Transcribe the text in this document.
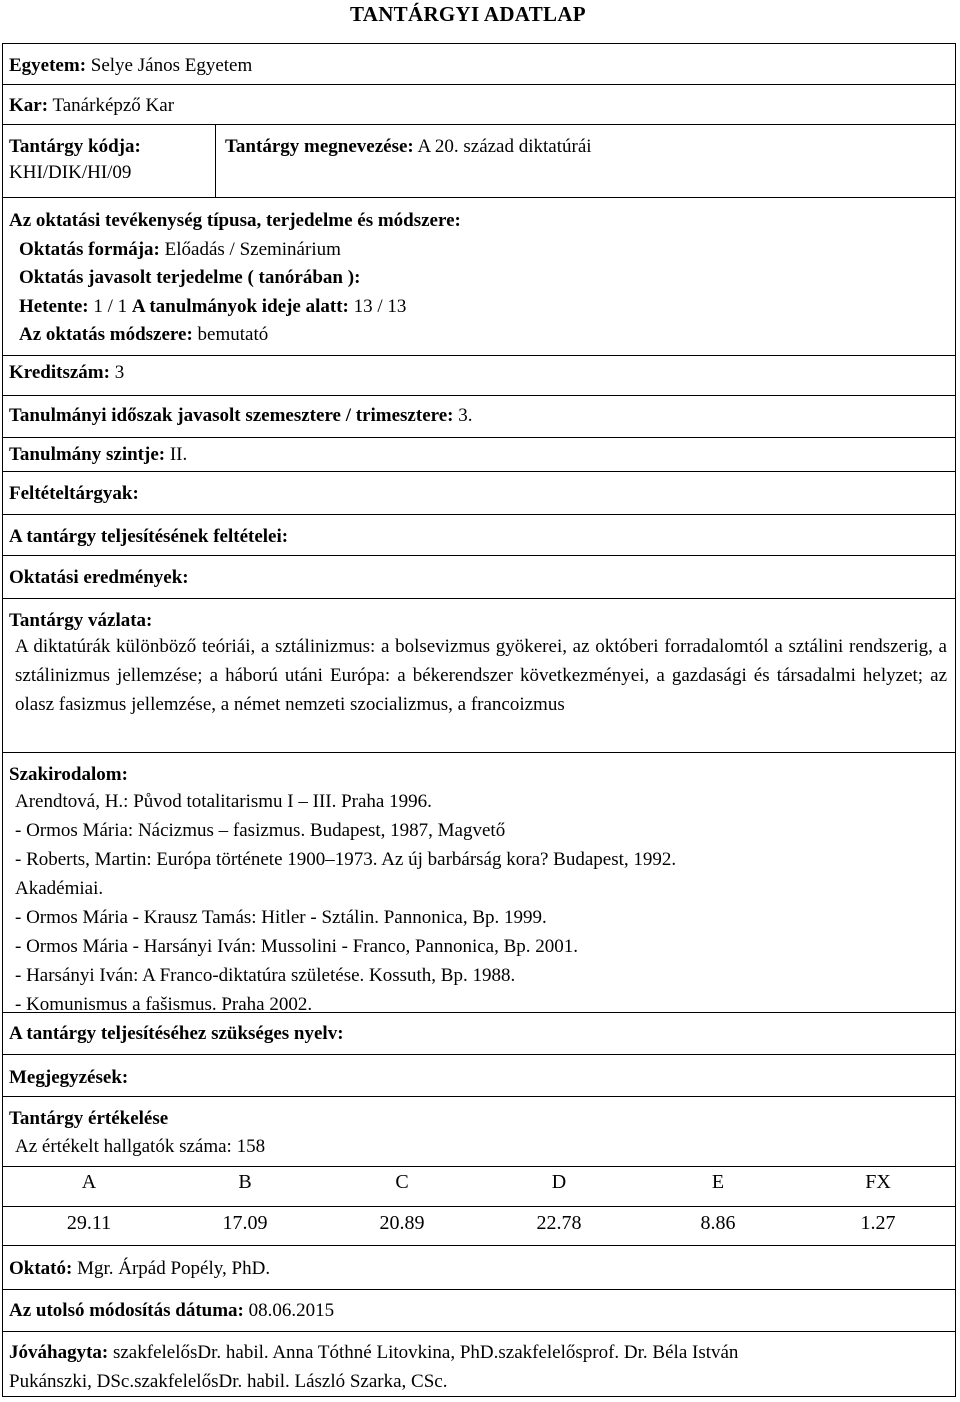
TANTÁRGYI ADATLAP
Egyetem: Selye János Egyetem
Kar: Tanárképző Kar
Tantárgy kódja:
KHI/DIK/HI/09
Tantárgy megnevezése: A 20. század diktatúrái
Az oktatási tevékenység típusa, terjedelme és módszere:
Oktatás formája: Előadás / Szeminárium
Oktatás javasolt terjedelme ( tanórában ):
Hetente: 1 / 1 A tanulmányok ideje alatt: 13 / 13
Az oktatás módszere: bemutató
Kreditszám: 3
Tanulmányi időszak javasolt szemesztere / trimesztere: 3.
Tanulmány szintje: II.
Feltételtárgyak:
A tantárgy teljesítésének feltételei:
Oktatási eredmények:
Tantárgy vázlata:
A diktatúrák különböző teóriái, a sztálinizmus: a bolsevizmus gyökerei, az októberi forradalomtól a sztálini rendszerig, a sztálinizmus jellemzése; a háború utáni Európa: a békerendszer következményei, a gazdasági és társadalmi helyzet; az olasz fasizmus jellemzése, a német nemzeti szocializmus, a francoizmus
Szakirodalom:
Arendtová, H.: Původ totalitarismu I – III. Praha 1996.
- Ormos Mária: Nácizmus – fasizmus. Budapest, 1987, Magvető
- Roberts, Martin: Európa története 1900–1973. Az új barbárság kora? Budapest, 1992.
Akadémiai.
- Ormos Mária - Krausz Tamás: Hitler - Sztálin. Pannonica, Bp. 1999.
- Ormos Mária - Harsányi Iván: Mussolini - Franco, Pannonica, Bp. 2001.
- Harsányi Iván: A Franco-diktatúra születése. Kossuth, Bp. 1988.
- Komunismus a fašismus. Praha 2002.
A tantárgy teljesítéséhez szükséges nyelv:
Megjegyzések:
Tantárgy értékelése
Az értékelt hallgatók száma: 158
A	B	C	D	E	FX
29.11	17.09	20.89	22.78	8.86	1.27
Oktató: Mgr. Árpád Popély, PhD.
Az utolsó módosítás dátuma: 08.06.2015
Jóváhagyta: szakfelelősDr. habil. Anna Tóthné Litovkina, PhD.szakfelelősprof. Dr. Béla István
Pukánszki, DSc.szakfelelősDr. habil. László Szarka, CSc.
